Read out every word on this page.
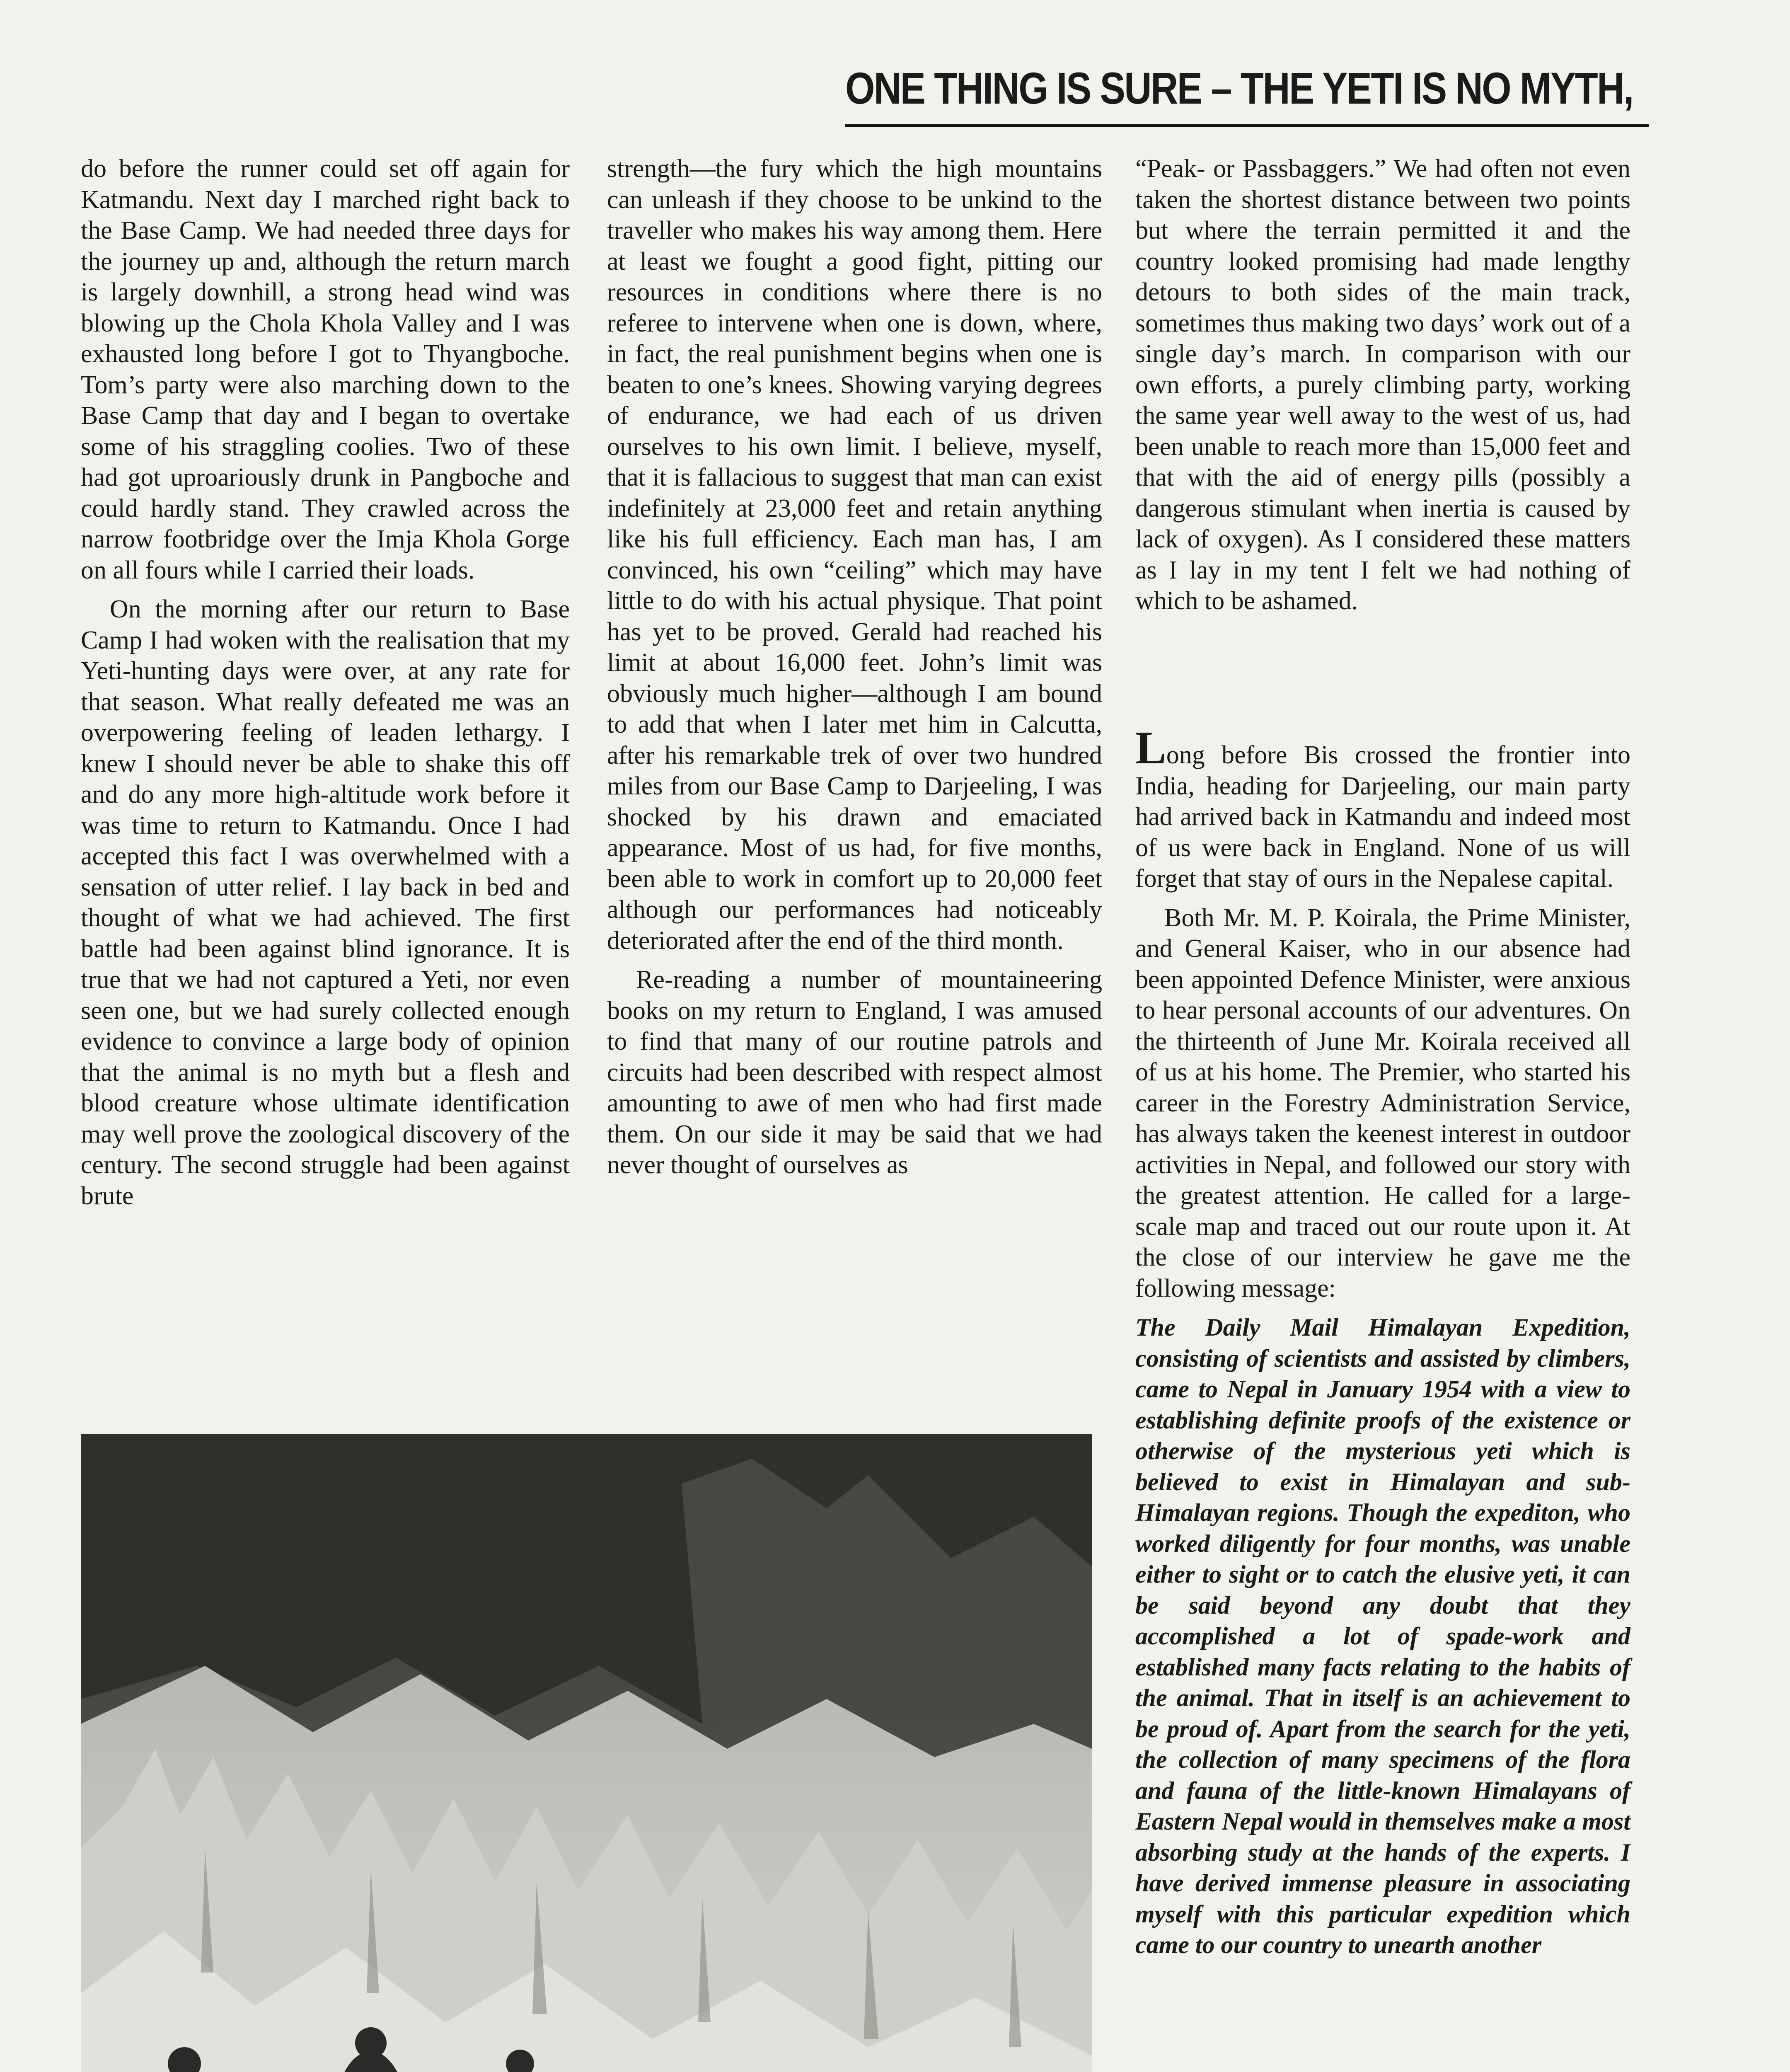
ONE THING IS SURE – THE YETI IS NO MYTH,

do before the runner could set off again for Katmandu. Next day I marched right back to the Base Camp. We had needed three days for the journey up and, although the return march is largely downhill, a strong head wind was blowing up the Chola Khola Valley and I was exhausted long before I got to Thyangboche. Tom’s party were also marching down to the Base Camp that day and I began to overtake some of his straggling coolies. Two of these had got uproariously drunk in Pangboche and could hardly stand. They crawled across the narrow footbridge over the Imja Khola Gorge on all fours while I carried their loads.

On the morning after our return to Base Camp I had woken with the realisation that my Yeti-hunting days were over, at any rate for that season. What really defeated me was an overpowering feeling of leaden lethargy. I knew I should never be able to shake this off and do any more high-altitude work before it was time to return to Katmandu. Once I had accepted this fact I was overwhelmed with a sensation of utter relief. I lay back in bed and thought of what we had achieved. The first battle had been against blind ignorance. It is true that we had not captured a Yeti, nor even seen one, but we had surely collected enough evidence to convince a large body of opinion that the animal is no myth but a flesh and blood creature whose ultimate identification may well prove the zoological discovery of the century. The second struggle had been against brute

strength—the fury which the high mountains can unleash if they choose to be unkind to the traveller who makes his way among them. Here at least we fought a good fight, pitting our resources in conditions where there is no referee to intervene when one is down, where, in fact, the real punishment begins when one is beaten to one’s knees. Showing varying degrees of endurance, we had each of us driven ourselves to his own limit. I believe, myself, that it is fallacious to suggest that man can exist indefinitely at 23,000 feet and retain anything like his full efficiency. Each man has, I am convinced, his own “ceiling” which may have little to do with his actual physique. That point has yet to be proved. Gerald had reached his limit at about 16,000 feet. John’s limit was obviously much higher—although I am bound to add that when I later met him in Calcutta, after his remarkable trek of over two hundred miles from our Base Camp to Darjeeling, I was shocked by his drawn and emaciated appearance. Most of us had, for five months, been able to work in comfort up to 20,000 feet although our performances had noticeably deteriorated after the end of the third month.

Re-reading a number of mountaineering books on my return to England, I was amused to find that many of our routine patrols and circuits had been described with respect almost amounting to awe of men who had first made them. On our side it may be said that we had never thought of ourselves as

“Peak- or Passbaggers.” We had often not even taken the shortest distance between two points but where the terrain permitted it and the country looked promising had made lengthy detours to both sides of the main track, sometimes thus making two days’ work out of a single day’s march. In comparison with our own efforts, a purely climbing party, working the same year well away to the west of us, had been unable to reach more than 15,000 feet and that with the aid of energy pills (possibly a dangerous stimulant when inertia is caused by lack of oxygen). As I considered these matters as I lay in my tent I felt we had nothing of which to be ashamed.

Long before Bis crossed the frontier into India, heading for Darjeeling, our main party had arrived back in Katmandu and indeed most of us were back in England. None of us will forget that stay of ours in the Nepalese capital.

Both Mr. M. P. Koirala, the Prime Minister, and General Kaiser, who in our absence had been appointed Defence Minister, were anxious to hear personal accounts of our adventures. On the thirteenth of June Mr. Koirala received all of us at his home. The Premier, who started his career in the Forestry Administration Service, has always taken the keenest interest in outdoor activities in Nepal, and followed our story with the greatest attention. He called for a large-scale map and traced out our route upon it. At the close of our interview he gave me the following message:

The Daily Mail Himalayan Expedition, consisting of scientists and assisted by climbers, came to Nepal in January 1954 with a view to establishing definite proofs of the existence or otherwise of the mysterious yeti which is believed to exist in Himalayan and sub-Himalayan regions. Though the expediton, who worked diligently for four months, was unable either to sight or to catch the elusive yeti, it can be said beyond any doubt that they accomplished a lot of spade-work and established many facts relating to the habits of the animal. That in itself is an achievement to be proud of. Apart from the search for the yeti, the collection of many specimens of the flora and fauna of the little-known Himalayans of Eastern Nepal would in themselves make a most absorbing study at the hands of the experts. I have derived immense pleasure in associating myself with this particular expedition which came to our country to unearth another
